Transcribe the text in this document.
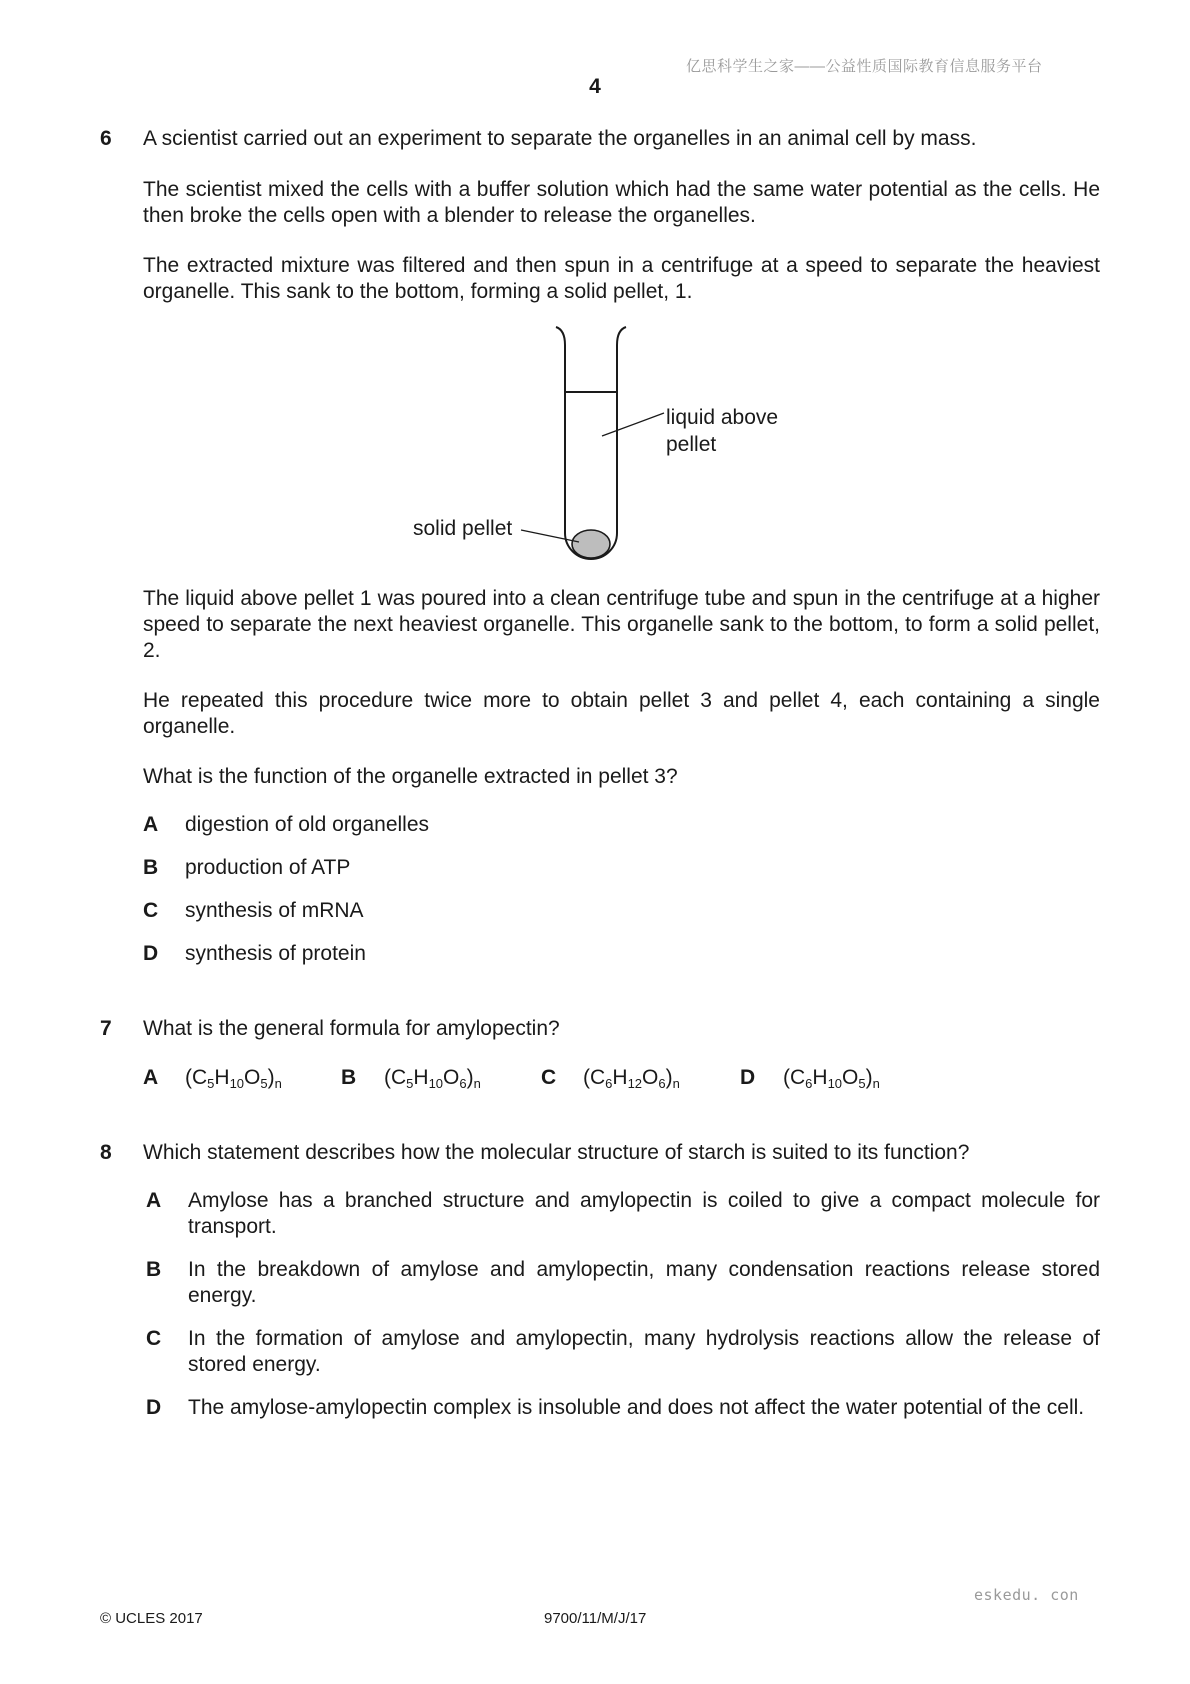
亿思科学生之家——公益性质国际教育信息服务平台
4
6 A scientist carried out an experiment to separate the organelles in an animal cell by mass.
The scientist mixed the cells with a buffer solution which had the same water potential as the cells. He then broke the cells open with a blender to release the organelles.
The extracted mixture was filtered and then spun in a centrifuge at a speed to separate the heaviest organelle. This sank to the bottom, forming a solid pellet, 1.
liquid above
pellet
solid pellet
The liquid above pellet 1 was poured into a clean centrifuge tube and spun in the centrifuge at a higher speed to separate the next heaviest organelle. This organelle sank to the bottom, to form a solid pellet, 2.
He repeated this procedure twice more to obtain pellet 3 and pellet 4, each containing a single organelle.
What is the function of the organelle extracted in pellet 3?
A digestion of old organelles
B production of ATP
C synthesis of mRNA
D synthesis of protein
7 What is the general formula for amylopectin?
A $(C_5H_{10}O_5)_n$	B $(C_5H_{10}O_6)_n$	C $(C_6H_{12}O_6)_n$	D $(C_6H_{10}O_5)_n$
8 Which statement describes how the molecular structure of starch is suited to its function?
A Amylose has a branched structure and amylopectin is coiled to give a compact molecule for transport.
B In the breakdown of amylose and amylopectin, many condensation reactions release stored energy.
C In the formation of amylose and amylopectin, many hydrolysis reactions allow the release of stored energy.
D The amylose-amylopectin complex is insoluble and does not affect the water potential of the cell.
eskedu. con
© UCLES 2017	9700/11/M/J/17
